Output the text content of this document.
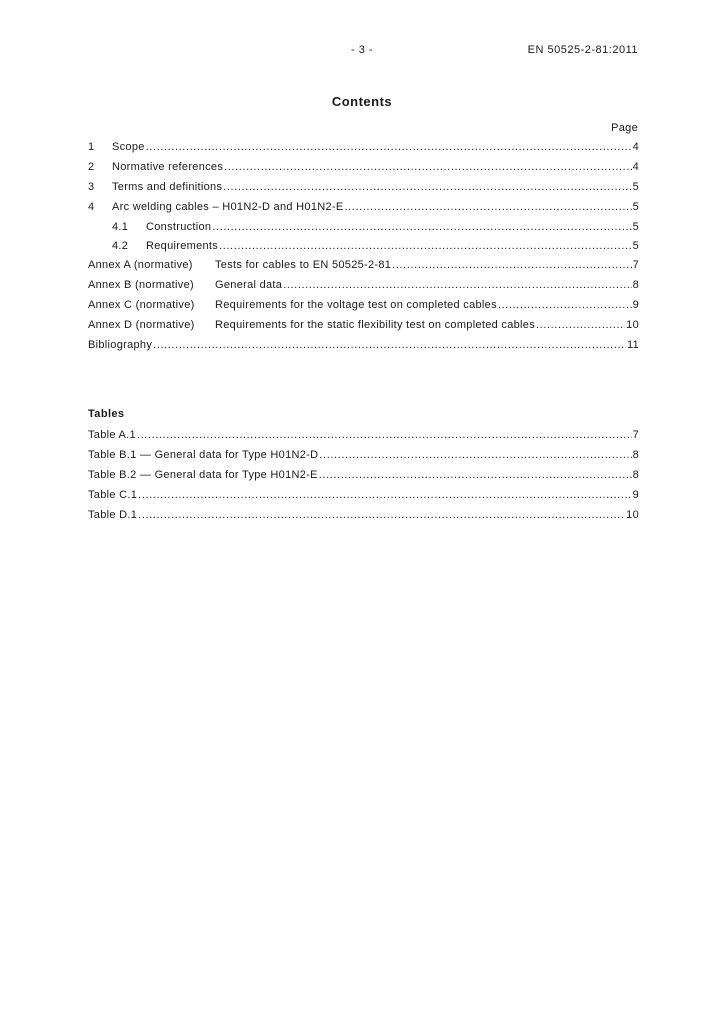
- 3 -	EN 50525-2-81:2011
Contents
Page
1	Scope .....	4
2	Normative references .....	4
3	Terms and definitions .....	5
4	Arc welding cables – H01N2-D and H01N2-E .....	5
4.1	Construction .....	5
4.2	Requirements .....	5
Annex A (normative)	Tests for cables to EN 50525-2-81 .....	7
Annex B (normative)	General data .....	8
Annex C (normative)	Requirements for the voltage test on completed cables .....	9
Annex D (normative)	Requirements for the static flexibility test on completed cables .....	10
Bibliography .....	11
Tables
Table A.1 .....	7
Table B.1 — General data for Type H01N2-D .....	8
Table B.2 — General data for Type H01N2-E .....	8
Table C.1 .....	9
Table D.1 .....	10
